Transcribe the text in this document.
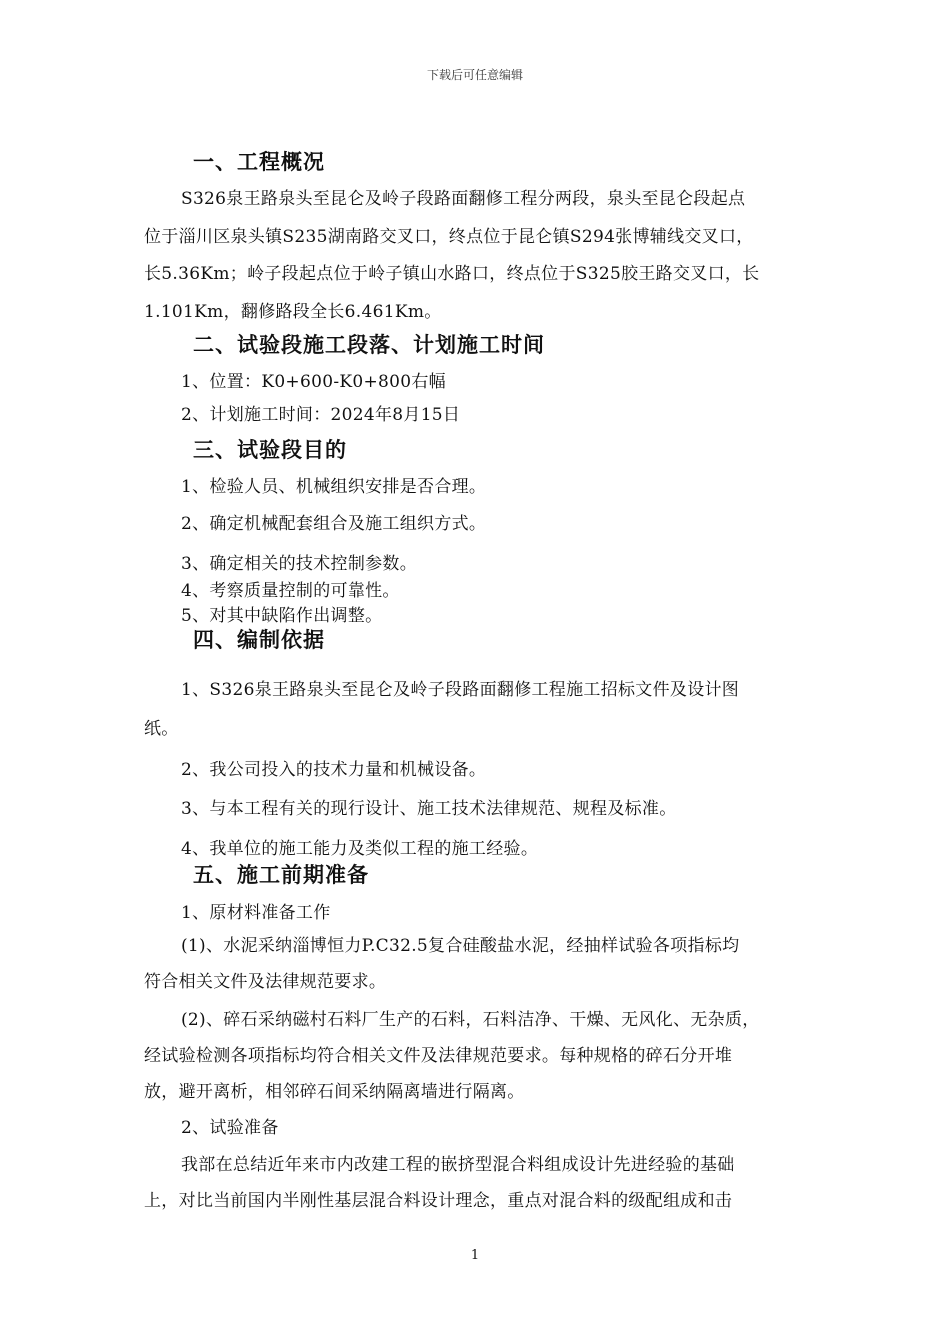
下载后可任意编辑
一、工程概况
S326泉王路泉头至昆仑及岭子段路面翻修工程分两段，泉头至昆仑段起点
位于淄川区泉头镇S235湖南路交叉口，终点位于昆仑镇S294张博辅线交叉口，
长5.36Km；岭子段起点位于岭子镇山水路口，终点位于S325胶王路交叉口，长
1.101Km，翻修路段全长6.461Km。
二、试验段施工段落、计划施工时间
1、位置：K0+600-K0+800右幅
2、计划施工时间：2024年8月15日
三、试验段目的
1、检验人员、机械组织安排是否合理。
2、确定机械配套组合及施工组织方式。
3、确定相关的技术控制参数。
4、考察质量控制的可靠性。
5、对其中缺陷作出调整。
四、编制依据
1、S326泉王路泉头至昆仑及岭子段路面翻修工程施工招标文件及设计图
纸。
2、我公司投入的技术力量和机械设备。
3、与本工程有关的现行设计、施工技术法律规范、规程及标准。
4、我单位的施工能力及类似工程的施工经验。
五、施工前期准备
1、原材料准备工作
(1)、水泥采纳淄博恒力P.C32.5复合硅酸盐水泥，经抽样试验各项指标均
符合相关文件及法律规范要求。
(2)、碎石采纳磁村石料厂生产的石料，石料洁净、干燥、无风化、无杂质，
经试验检测各项指标均符合相关文件及法律规范要求。每种规格的碎石分开堆
放，避开离析，相邻碎石间采纳隔离墙进行隔离。
2、试验准备
我部在总结近年来市内改建工程的嵌挤型混合料组成设计先进经验的基础
上，对比当前国内半刚性基层混合料设计理念，重点对混合料的级配组成和击
1
